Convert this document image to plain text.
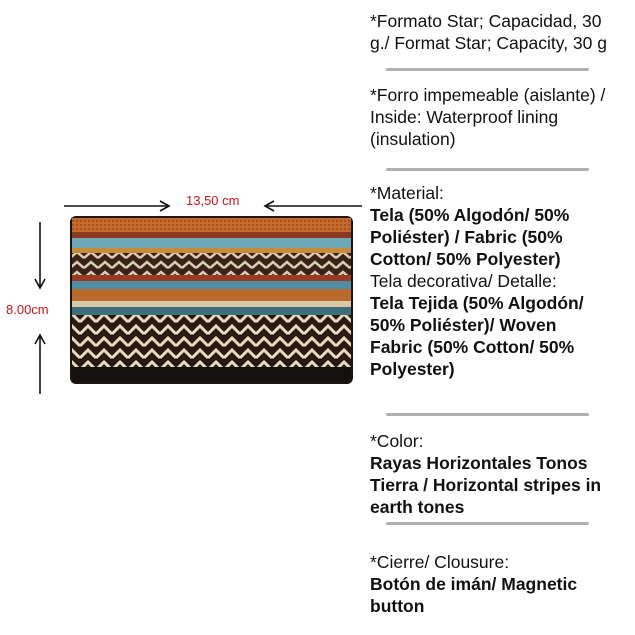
13,50 cm
8.00cm
*Formato Star; Capacidad, 30
g./ Format Star; Capacity, 30 g
*Forro impemeable (aislante) /
Inside: Waterproof lining
(insulation)
*Material:
Tela (50% Algodón/ 50%
Poliéster) / Fabric (50%
Cotton/ 50% Polyester)
Tela decorativa/ Detalle:
Tela Tejida (50% Algodón/
50% Poliéster)/ Woven
Fabric (50% Cotton/ 50%
Polyester)
*Color:
Rayas Horizontales Tonos
Tierra / Horizontal stripes in
earth tones
*Cierre/ Clousure:
Botón de imán/ Magnetic
button
